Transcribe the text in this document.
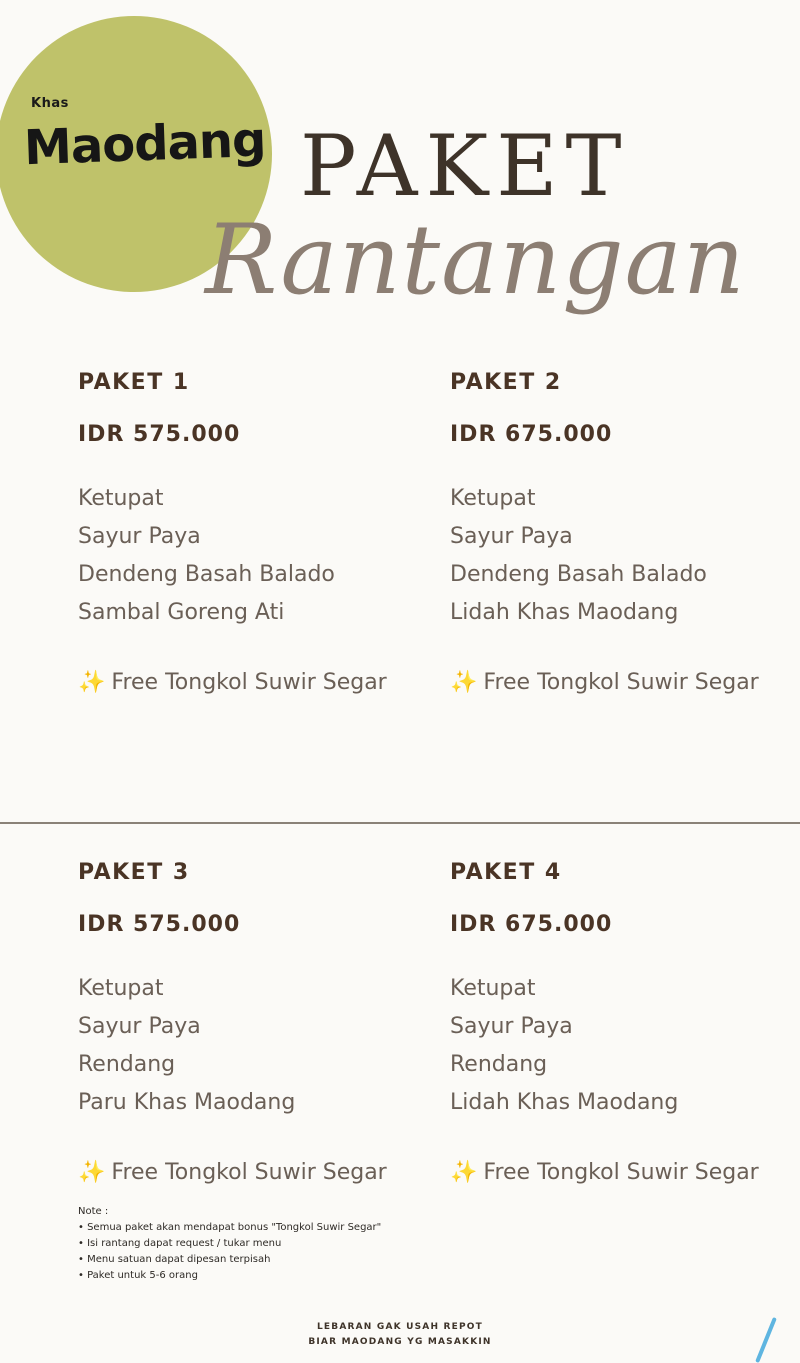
Khas
Maodang PAKET
Rantangan
PAKET 1
IDR 575.000
Ketupat
Sayur Paya
Dendeng Basah Balado
Sambal Goreng Ati
✨ Free Tongkol Suwir Segar
PAKET 2
IDR 675.000
Ketupat
Sayur Paya
Dendeng Basah Balado
Lidah Khas Maodang
✨ Free Tongkol Suwir Segar
PAKET 3
IDR 575.000
Ketupat
Sayur Paya
Rendang
Paru Khas Maodang
✨ Free Tongkol Suwir Segar
PAKET 4
IDR 675.000
Ketupat
Sayur Paya
Rendang
Lidah Khas Maodang
✨ Free Tongkol Suwir Segar
Note :
• Semua paket akan mendapat bonus "Tongkol Suwir Segar"
• Isi rantang dapat request / tukar menu
• Menu satuan dapat dipesan terpisah
• Paket untuk 5-6 orang
LEBARAN GAK USAH REPOT
BIAR MAODANG YG MASAKKIN
